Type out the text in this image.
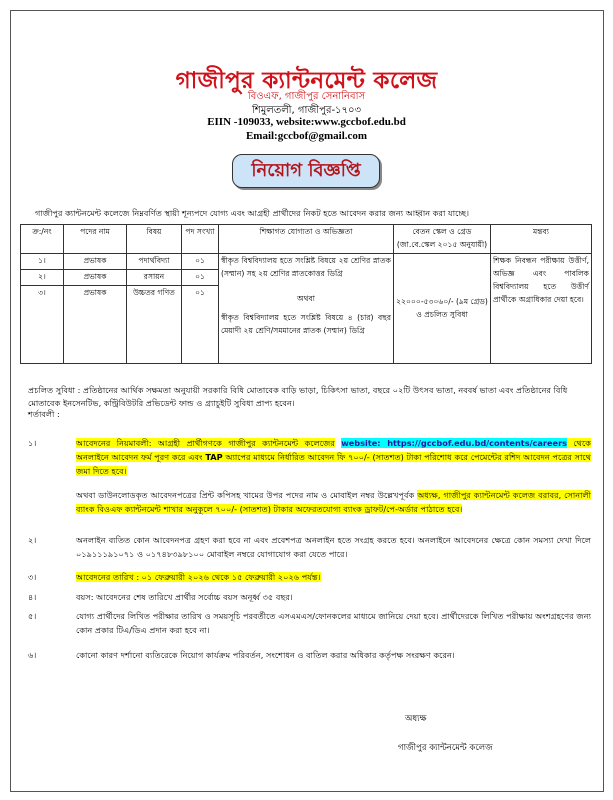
গাজীপুর ক্যান্টনমেন্ট কলেজ
বিওএফ, গাজীপুর সেনানিবাস
শিমুলতলী, গাজীপুর-১৭০৩
EIIN -109033, website:www.gccbof.edu.bd
Email:gccbof@gmail.com
নিয়োগ বিজ্ঞপ্তি
গাজীপুর ক্যান্টনমেন্ট কলেজে নিম্নবর্ণিত স্থায়ী শূন্যপদে যোগ্য এবং আগ্রহী প্রার্থীদের নিকট হতে আবেদন করার জন্য আহ্বান করা যাচ্ছে।
ক্র:/নং	পদের নাম	বিষয়	পদ সংখ্যা	শিক্ষাগত যোগ্যতা ও অভিজ্ঞতা	বেতন স্কেল ও গ্রেড (জা.বে.স্কেল ২০১৫ অনুযায়ী)	মন্তব্য
১।	প্রভাষক	পদার্থবিদ্যা	০১	স্বীকৃত বিশ্ববিদ্যালয় হতে সংশ্লিষ্ট বিষয়ে ২য় শ্রেণির স্নাতক (সম্মান) সহ ২য় শ্রেণির স্নাতকোত্তর ডিগ্রি
অথবা
স্বীকৃত বিশ্ববিদ্যালয় হতে সংশ্লিষ্ট বিষয়ে ৪ (চার) বছর মেয়াদী ২য় শ্রেণি/সমমানের স্নাতক (সম্মান) ডিগ্রি	২২০০০-৫৩০৬০/- (৯ম গ্রেড) ও প্রচলিত সুবিধা	শিক্ষক নিবন্ধন পরীক্ষায় উত্তীর্ণ, অভিজ্ঞ এবং পাবলিক বিশ্ববিদ্যালয় হতে উত্তীর্ণ প্রার্থীকে অগ্রাধিকার দেয়া হবে।
২।	প্রভাষক	রসায়ন	০১			
৩।	প্রভাষক	উচ্চতর গণিত	০১			
প্রচলিত সুবিধা : প্রতিষ্ঠানের আর্থিক সক্ষমতা অনুযায়ী সরকারি বিধি মোতাবেক বাড়ি ভাড়া, চিকিৎসা ভাতা, বছরে ০২টি উৎসব ভাতা, নববর্ষ ভাতা এবং প্রতিষ্ঠানের বিধি মোতাবেক ইনসেনটিভ, কন্ট্রিবিউটরি প্রভিডেন্ট ফান্ড ও গ্র্যাচুইটি সুবিধা প্রাপ্য হবেন।
শর্তাবলী :
১।	আবেদনের নিয়মাবলী: আগ্রহী প্রার্থীগণকে গাজীপুর ক্যান্টনমেন্ট কলেজের website: https://gccbof.edu.bd/contents/careers থেকে অনলাইনে আবেদন ফর্ম পূরণ করে এবং TAP অ্যাপের মাধ্যমে নির্ধারিত আবেদন ফি ৭০০/- (সাতশত) টাকা পরিশোধ করে পেমেন্টের রশিদ আবেদন পত্রের সাথে জমা দিতে হবে।
অথবা ডাউনলোডকৃত আবেদনপত্রের প্রিন্ট কপিসহ খামের উপর পদের নাম ও মোবাইল নম্বর উল্লেখপূর্বক অধ্যক্ষ, গাজীপুর ক্যান্টনমেন্ট কলেজ বরাবর, সোনালী ব্যাংক বিওএফ ক্যান্টনমেন্ট শাখার অনুকূলে ৭০০/- (সাতশত) টাকার অফেরতযোগ্য ব্যাংক ড্রাফট/পে-অর্ডার পাঠাতে হবে।
২।	অনলাইন ব্যতিত কোন আবেদনপত্র গ্রহণ করা হবে না এবং প্রবেশপত্র অনলাইন হতে সংগ্রহ করতে হবে। অনলাইনে আবেদনের ক্ষেত্রে কোন সমস্যা দেখা দিলে ০১৯১১১৯১০৭১ ও ০১৭৪৮৩৯৮১০০ মোবাইল নম্বরে যোগাযোগ করা যেতে পারে।
৩।	আবেদনের তারিখ : ০১ ফেব্রুয়ারী ২০২৬ থেকে ১৫ ফেব্রুয়ারী ২০২৬ পর্যন্ত।
৪।	বয়স: আবেদনের শেষ তারিখে প্রার্থীর সর্বোচ্চ বয়স অনূর্ধ্ব ৩৫ বছর।
৫।	যোগ্য প্রার্থীদের লিখিত পরীক্ষার তারিখ ও সময়সূচি পরবর্তীতে এসএমএস/ফোনকলের মাধ্যমে জানিয়ে দেয়া হবে। প্রার্থীদেরকে লিখিত পরীক্ষায় অংশগ্রহণের জন্য কোন প্রকার টিএ/ডিএ প্রদান করা হবে না।
৬।	কোনো কারণ দর্শানো ব্যতিরেকে নিয়োগ কার্যক্রম পরিবর্তন, সংশোধন ও বাতিল করার অধিকার কর্তৃপক্ষ সংরক্ষণ করেন।
অধ্যক্ষ
গাজীপুর ক্যান্টনমেন্ট কলেজ
